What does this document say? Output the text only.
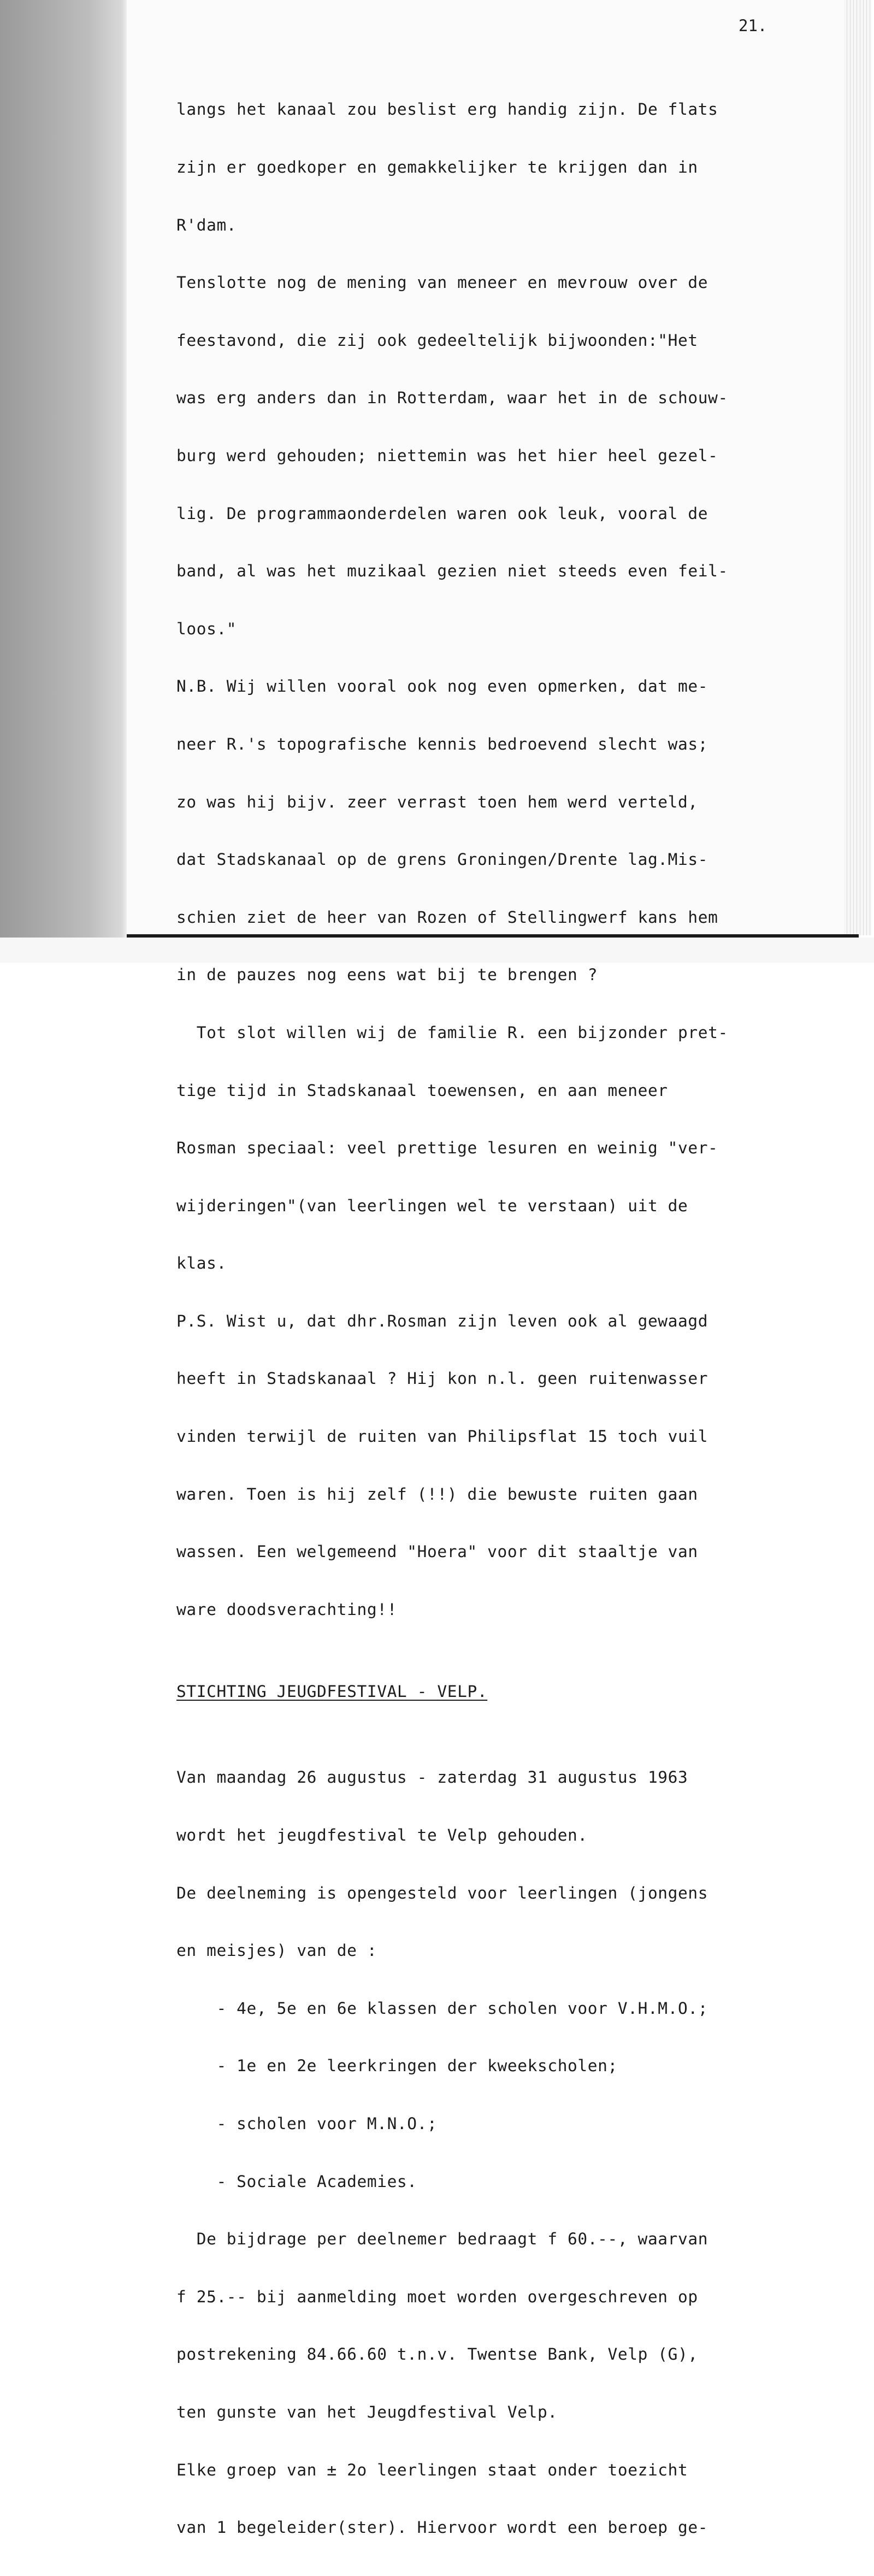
21.

langs het kanaal zou beslist erg handig zijn. De flats

zijn er goedkoper en gemakkelijker te krijgen dan in

R'dam.

Tenslotte nog de mening van meneer en mevrouw over de

feestavond, die zij ook gedeeltelijk bijwoonden:"Het

was erg anders dan in Rotterdam, waar het in de schouw-

burg werd gehouden; niettemin was het hier heel gezel-

lig. De programmaonderdelen waren ook leuk, vooral de

band, al was het muzikaal gezien niet steeds even feil-

loos."

N.B. Wij willen vooral ook nog even opmerken, dat me-

neer R.'s topografische kennis bedroevend slecht was;

zo was hij bijv. zeer verrast toen hem werd verteld,

dat Stadskanaal op de grens Groningen/Drente lag.Mis-

schien ziet de heer van Rozen of Stellingwerf kans hem

in de pauzes nog eens wat bij te brengen ?

Tot slot willen wij de familie R. een bijzonder pret-

tige tijd in Stadskanaal toewensen, en aan meneer

Rosman speciaal: veel prettige lesuren en weinig "ver-

wijderingen"(van leerlingen wel te verstaan) uit de

klas.

P.S. Wist u, dat dhr.Rosman zijn leven ook al gewaagd

heeft in Stadskanaal ? Hij kon n.l. geen ruitenwasser

vinden terwijl de ruiten van Philipsflat 15 toch vuil

waren. Toen is hij zelf (!!) die bewuste ruiten gaan

wassen. Een welgemeend "Hoera" voor dit staaltje van

ware doodsverachting!!

STICHTING JEUGDFESTIVAL - VELP.

Van maandag 26 augustus - zaterdag 31 augustus 1963

wordt het jeugdfestival te Velp gehouden.

De deelneming is opengesteld voor leerlingen (jongens

en meisjes) van de :

- 4e, 5e en 6e klassen der scholen voor V.H.M.O.;

- 1e en 2e leerkringen der kweekscholen;

- scholen voor M.N.O.;

- Sociale Academies.

De bijdrage per deelnemer bedraagt f 60.--, waarvan

f 25.-- bij aanmelding moet worden overgeschreven op

postrekening 84.66.60 t.n.v. Twentse Bank, Velp (G),

ten gunste van het Jeugdfestival Velp.

Elke groep van ± 2o leerlingen staat onder toezicht

van 1 begeleider(ster). Hiervoor wordt een beroep ge-
